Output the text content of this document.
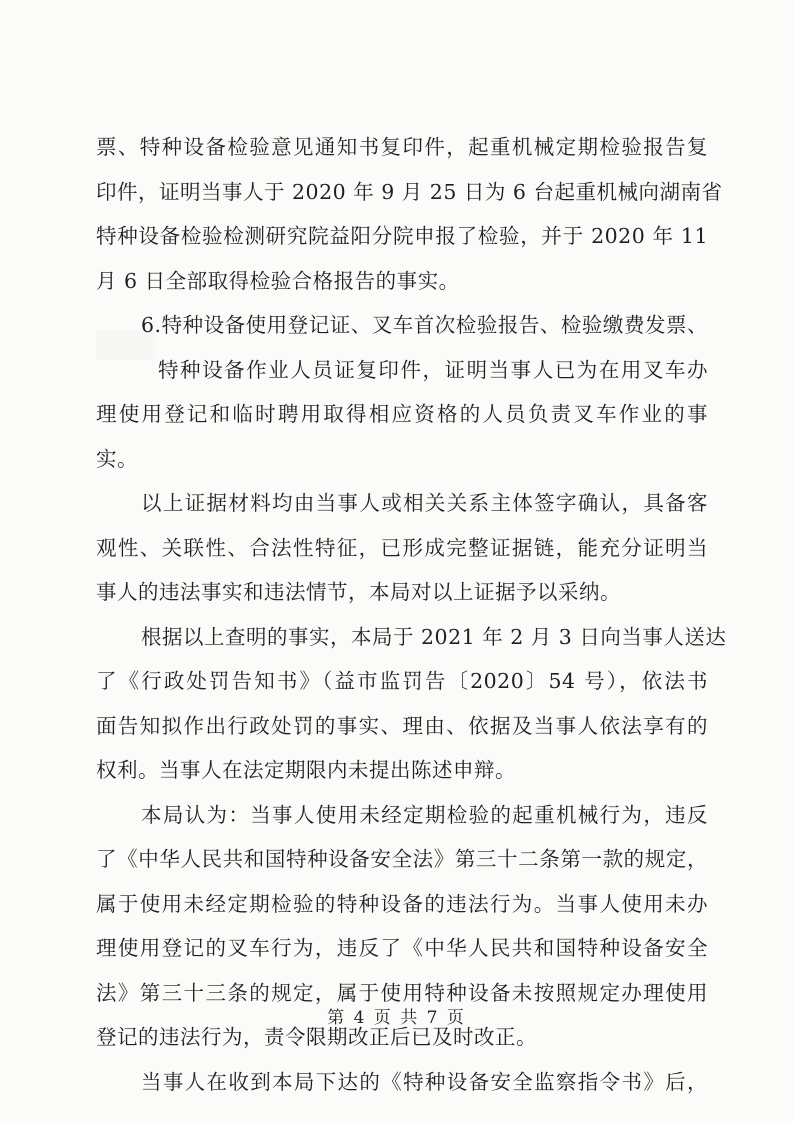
票、特种设备检验意见通知书复印件，起重机械定期检验报告复
印件，证明当事人于 2020 年 9 月 25 日为 6 台起重机械向湖南省
特种设备检验检测研究院益阳分院申报了检验，并于 2020 年 11
月 6 日全部取得检验合格报告的事实。
6.特种设备使用登记证、叉车首次检验报告、检验缴费发票、
特种设备作业人员证复印件，证明当事人已为在用叉车办
理使用登记和临时聘用取得相应资格的人员负责叉车作业的事
实。
以上证据材料均由当事人或相关关系主体签字确认，具备客
观性、关联性、合法性特征，已形成完整证据链，能充分证明当
事人的违法事实和违法情节，本局对以上证据予以采纳。
根据以上查明的事实，本局于 2021 年 2 月 3 日向当事人送达
了《行政处罚告知书》（益市监罚告〔2020〕54 号），依法书
面告知拟作出行政处罚的事实、理由、依据及当事人依法享有的
权利。当事人在法定期限内未提出陈述申辩。
本局认为：当事人使用未经定期检验的起重机械行为，违反
了《中华人民共和国特种设备安全法》第三十二条第一款的规定，
属于使用未经定期检验的特种设备的违法行为。当事人使用未办
理使用登记的叉车行为，违反了《中华人民共和国特种设备安全
法》第三十三条的规定，属于使用特种设备未按照规定办理使用
登记的违法行为，责令限期改正后已及时改正。
当事人在收到本局下达的《特种设备安全监察指令书》后，
第 4 页 共 7 页
